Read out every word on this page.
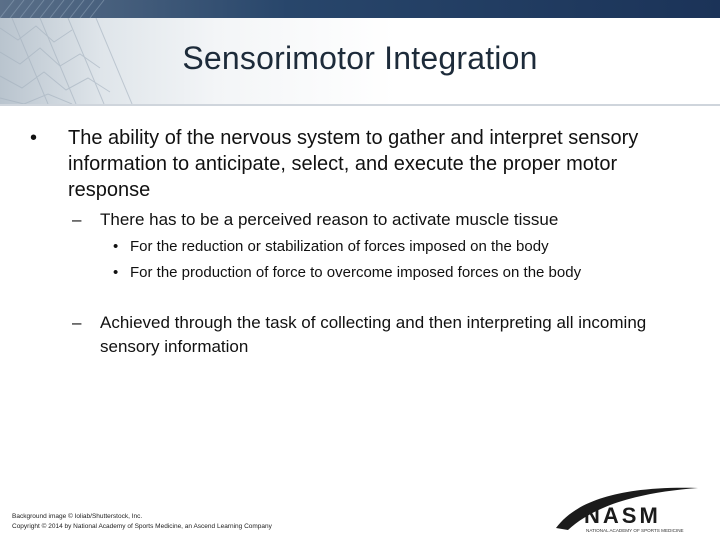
Sensorimotor Integration
• The ability of the nervous system to gather and interpret sensory information to anticipate, select, and execute the proper motor response
– There has to be a perceived reason to activate muscle tissue
• For the reduction or stabilization of forces imposed on the body
• For the production of force to overcome imposed forces on the body
– Achieved through the task of collecting and then interpreting all incoming sensory information
Background image © Ioliab/Shutterstock, Inc.
Copyright © 2014 by National Academy of Sports Medicine, an Ascend Learning Company	NASM
NATIONAL ACADEMY OF SPORTS MEDICINE
